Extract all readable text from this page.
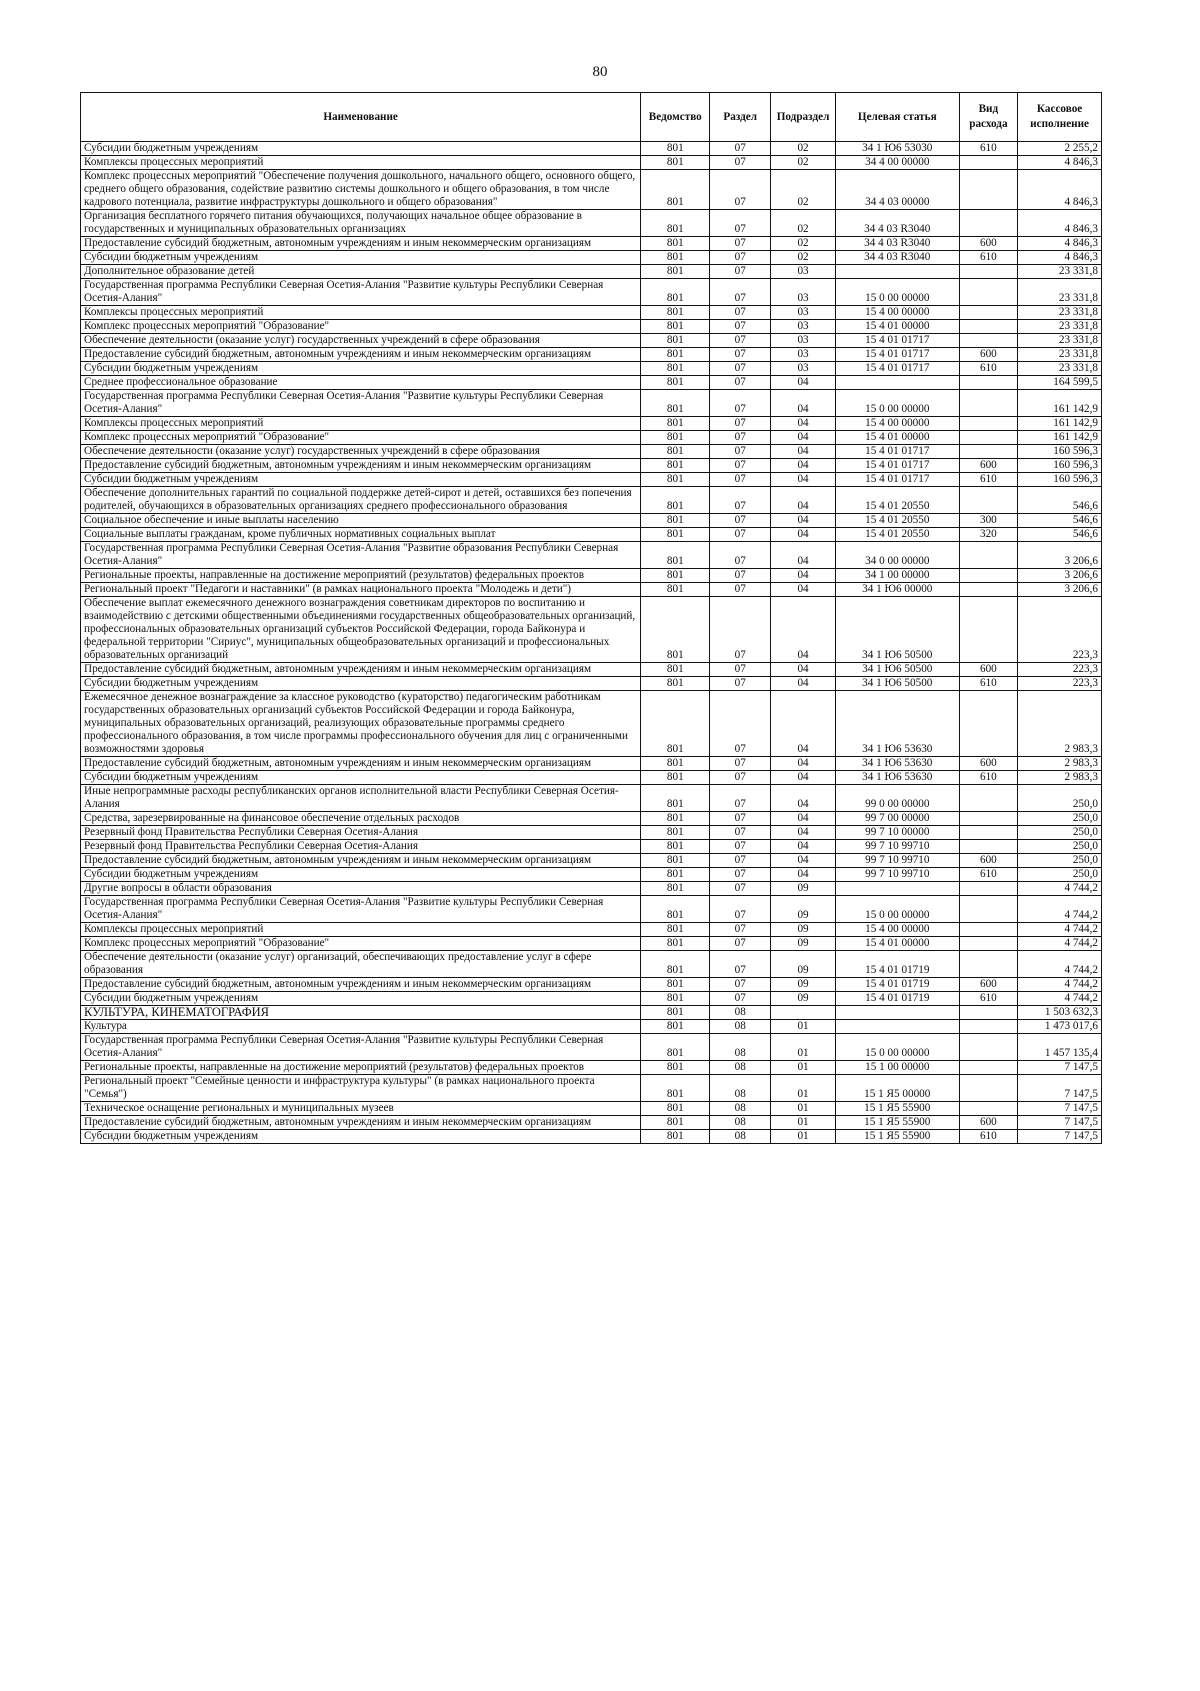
80
Наименование	Ведомство	Раздел	Подраздел	Целевая статья	Вид расхода	Кассовое исполнение
Субсидии бюджетным учреждениям	801	07	02	34 1 Ю6 53030	610	2 255,2
Комплексы процессных мероприятий	801	07	02	34 4 00 00000		4 846,3
Комплекс процессных мероприятий "Обеспечение получения дошкольного, начального общего, основного общего, среднего общего образования, содействие развитию системы дошкольного и общего образования, в том числе кадрового потенциала, развитие инфраструктуры дошкольного и общего образования"	801	07	02	34 4 03 00000		4 846,3
Организация бесплатного горячего питания обучающихся, получающих начальное общее образование в государственных и муниципальных образовательных организациях	801	07	02	34 4 03 R3040		4 846,3
Предоставление субсидий бюджетным, автономным учреждениям и иным некоммерческим организациям	801	07	02	34 4 03 R3040	600	4 846,3
Субсидии бюджетным учреждениям	801	07	02	34 4 03 R3040	610	4 846,3
Дополнительное образование детей	801	07	03			23 331,8
Государственная программа Республики Северная Осетия-Алания "Развитие культуры Республики Северная Осетия-Алания"	801	07	03	15 0 00 00000		23 331,8
Комплексы процессных мероприятий	801	07	03	15 4 00 00000		23 331,8
Комплекс процессных мероприятий "Образование"	801	07	03	15 4 01 00000		23 331,8
Обеспечение деятельности (оказание услуг) государственных учреждений в сфере образования	801	07	03	15 4 01 01717		23 331,8
Предоставление субсидий бюджетным, автономным учреждениям и иным некоммерческим организациям	801	07	03	15 4 01 01717	600	23 331,8
Субсидии бюджетным учреждениям	801	07	03	15 4 01 01717	610	23 331,8
Среднее профессиональное образование	801	07	04			164 599,5
Государственная программа Республики Северная Осетия-Алания "Развитие культуры Республики Северная Осетия-Алания"	801	07	04	15 0 00 00000		161 142,9
Комплексы процессных мероприятий	801	07	04	15 4 00 00000		161 142,9
Комплекс процессных мероприятий "Образование"	801	07	04	15 4 01 00000		161 142,9
Обеспечение деятельности (оказание услуг) государственных учреждений в сфере образования	801	07	04	15 4 01 01717		160 596,3
Предоставление субсидий бюджетным, автономным учреждениям и иным некоммерческим организациям	801	07	04	15 4 01 01717	600	160 596,3
Субсидии бюджетным учреждениям	801	07	04	15 4 01 01717	610	160 596,3
Обеспечение дополнительных гарантий по социальной поддержке детей-сирот и детей, оставшихся без попечения родителей, обучающихся в образовательных организациях среднего профессионального образования	801	07	04	15 4 01 20550		546,6
Социальное обеспечение и иные выплаты населению	801	07	04	15 4 01 20550	300	546,6
Социальные выплаты гражданам, кроме публичных нормативных социальных выплат	801	07	04	15 4 01 20550	320	546,6
Государственная программа Республики Северная Осетия-Алания "Развитие образования Республики Северная Осетия-Алания"	801	07	04	34 0 00 00000		3 206,6
Региональные проекты, направленные на достижение мероприятий (результатов) федеральных проектов	801	07	04	34 1 00 00000		3 206,6
Региональный проект "Педагоги и наставники" (в рамках национального проекта "Молодежь и дети")	801	07	04	34 1 Ю6 00000		3 206,6
Обеспечение выплат ежемесячного денежного вознаграждения советникам директоров по воспитанию и взаимодействию с детскими общественными объединениями государственных общеобразовательных организаций, профессиональных образовательных организаций субъектов Российской Федерации, города Байконура и федеральной территории "Сириус", муниципальных общеобразовательных организаций и профессиональных образовательных организаций	801	07	04	34 1 Ю6 50500		223,3
Предоставление субсидий бюджетным, автономным учреждениям и иным некоммерческим организациям	801	07	04	34 1 Ю6 50500	600	223,3
Субсидии бюджетным учреждениям	801	07	04	34 1 Ю6 50500	610	223,3
Ежемесячное денежное вознаграждение за классное руководство (кураторство) педагогическим работникам государственных образовательных организаций субъектов Российской Федерации и города Байконура, муниципальных образовательных организаций, реализующих образовательные программы среднего профессионального образования, в том числе программы профессионального обучения для лиц с ограниченными возможностями здоровья	801	07	04	34 1 Ю6 53630		2 983,3
Предоставление субсидий бюджетным, автономным учреждениям и иным некоммерческим организациям	801	07	04	34 1 Ю6 53630	600	2 983,3
Субсидии бюджетным учреждениям	801	07	04	34 1 Ю6 53630	610	2 983,3
Иные непрограммные расходы республиканских органов исполнительной власти Республики Северная Осетия-Алания	801	07	04	99 0 00 00000		250,0
Средства, зарезервированные на финансовое обеспечение отдельных расходов	801	07	04	99 7 00 00000		250,0
Резервный фонд Правительства Республики Северная Осетия-Алания	801	07	04	99 7 10 00000		250,0
Резервный фонд Правительства Республики Северная Осетия-Алания	801	07	04	99 7 10 99710		250,0
Предоставление субсидий бюджетным, автономным учреждениям и иным некоммерческим организациям	801	07	04	99 7 10 99710	600	250,0
Субсидии бюджетным учреждениям	801	07	04	99 7 10 99710	610	250,0
Другие вопросы в области образования	801	07	09			4 744,2
Государственная программа Республики Северная Осетия-Алания "Развитие культуры Республики Северная Осетия-Алания"	801	07	09	15 0 00 00000		4 744,2
Комплексы процессных мероприятий	801	07	09	15 4 00 00000		4 744,2
Комплекс процессных мероприятий "Образование"	801	07	09	15 4 01 00000		4 744,2
Обеспечение деятельности (оказание услуг) организаций, обеспечивающих предоставление услуг в сфере образования	801	07	09	15 4 01 01719		4 744,2
Предоставление субсидий бюджетным, автономным учреждениям и иным некоммерческим организациям	801	07	09	15 4 01 01719	600	4 744,2
Субсидии бюджетным учреждениям	801	07	09	15 4 01 01719	610	4 744,2
КУЛЬТУРА, КИНЕМАТОГРАФИЯ	801	08				1 503 632,3
Культура	801	08	01			1 473 017,6
Государственная программа Республики Северная Осетия-Алания "Развитие культуры Республики Северная Осетия-Алания"	801	08	01	15 0 00 00000		1 457 135,4
Региональные проекты, направленные на достижение мероприятий (результатов) федеральных проектов	801	08	01	15 1 00 00000		7 147,5
Региональный проект "Семейные ценности и инфраструктура культуры" (в рамках национального проекта "Семья")	801	08	01	15 1 Я5 00000		7 147,5
Техническое оснащение региональных и муниципальных музеев	801	08	01	15 1 Я5 55900		7 147,5
Предоставление субсидий бюджетным, автономным учреждениям и иным некоммерческим организациям	801	08	01	15 1 Я5 55900	600	7 147,5
Субсидии бюджетным учреждениям	801	08	01	15 1 Я5 55900	610	7 147,5
